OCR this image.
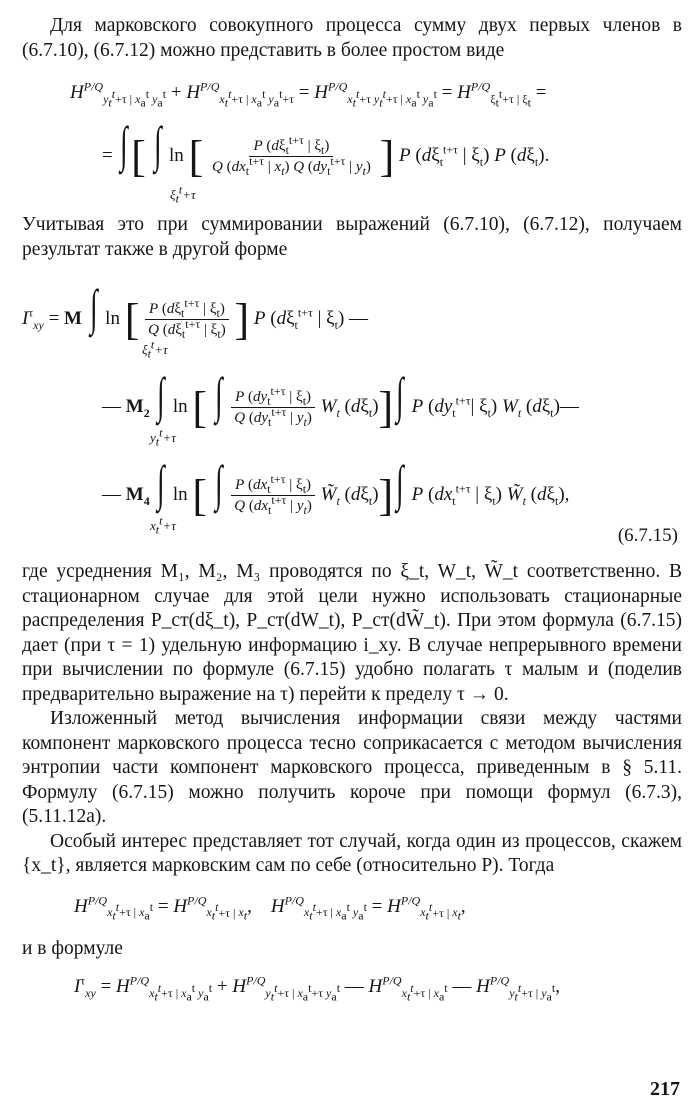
Для марковского совокупного процесса сумму двух первых членов в (6.7.10), (6.7.12) можно представить в более простом виде

$H^{P/Q}_{y_t^t+\tau | x_a^t y_a^t} + H^{P/Q}_{x_t^t+\tau | x_a^t y_a^t+\tau} = H^{P/Q}_{x_t^t+\tau y_t^t+\tau | x_a^t y_a^t} = H^{P/Q}_{\xi_t^t+\tau | \xi_t}$ =
= ∫[ ∫ ln [ $\frac{P (d\xi_t^{t+\tau} | \xi_t)}{Q (dx_t^{t+\tau} | x_t) Q (dy_t^{t+\tau} | y_t)}$ ] P ($d\xi_t^{t+\tau}$ | $\xi_t$) P $(d\xi_t)$.
$\xi_t^t+\tau$

Учитывая это при суммировании выражений (6.7.10), (6.7.12), получаем результат также в другой форме

$I^\tau_{xy} = M$ ∫ ln [ $\frac{P (d\xi_t^{t+\tau} | \xi_t)}{Q (d\xi_t^{t+\tau} | \xi_t)}$ ] P ($d\xi_t^{t+\tau}$ | $\xi_t$) —
$\xi_t^t+\tau$
— $M_2$ ∫ ln [ ∫ $\frac{P (dy_t^{t+\tau} | \xi_t)}{Q (dy_t^{t+\tau} | y_t)} W_t$ $(d\xi_t)]\int$ P ($dy_t^{t+\tau}|$ $\xi_t$) $W_t$ $(d\xi_t)—$
$y_t^t+\tau$
— $M_4$ ∫ ln [ ∫ $\frac{P (dx_t^{t+\tau} | \xi_t)}{Q (dx_t^{t+\tau} | y_t)}$ $W̃_t$ $(d\xi_t)]\int$ P ($dx_t^{t+\tau}$ | $\xi_t$) $W̃_t$ $(d\xi_t)$,
$x_t^t+\tau$	(6.7.15)

где усреднения M₁, M₂, M₃ проводятся по ξ_t, W_t, W̃_t соответственно. В стационарном случае для этой цели нужно использовать стационарные распределения P_ст(dξ_t), P_ст(dW_t), P_ст(dW̃_t). При этом формула (6.7.15) дает (при τ = 1) удельную информацию i_xy. В случае непрерывного времени при вычислении по формуле (6.7.15) удобно полагать τ малым и (поделив предварительно выражение на τ) перейти к пределу τ → 0.

Изложенный метод вычисления информации связи между частями компонент марковского процесса тесно соприкасается с методом вычисления энтропии части компонент марковского процесса, приведенным в § 5.11. Формулу (6.7.15) можно получить короче при помощи формул (6.7.3), (5.11.12а).

Особый интерес представляет тот случай, когда один из процессов, скажем {x_t}, является марковским сам по себе (относительно P). Тогда

$H^{P/Q}_{x_t^t+\tau | x_a^t} = H^{P/Q}_{x_t^t+\tau | x_t}$,    $H^{P/Q}_{x_t^t+\tau | x_a^t y_a^t} = H^{P/Q}_{x_t^t+\tau | x_t}$,

и в формуле

$I^\tau_{xy} = H^{P/Q}_{x_t^t+\tau | x_a^t y_a^t} + H^{P/Q}_{y_t^t+\tau | x_a^t+\tau y_a^t}$ — $H^{P/Q}_{x_t^t+\tau | x_a^t}$ — $H^{P/Q}_{y_t^t+\tau | y_a^t}$,
217
